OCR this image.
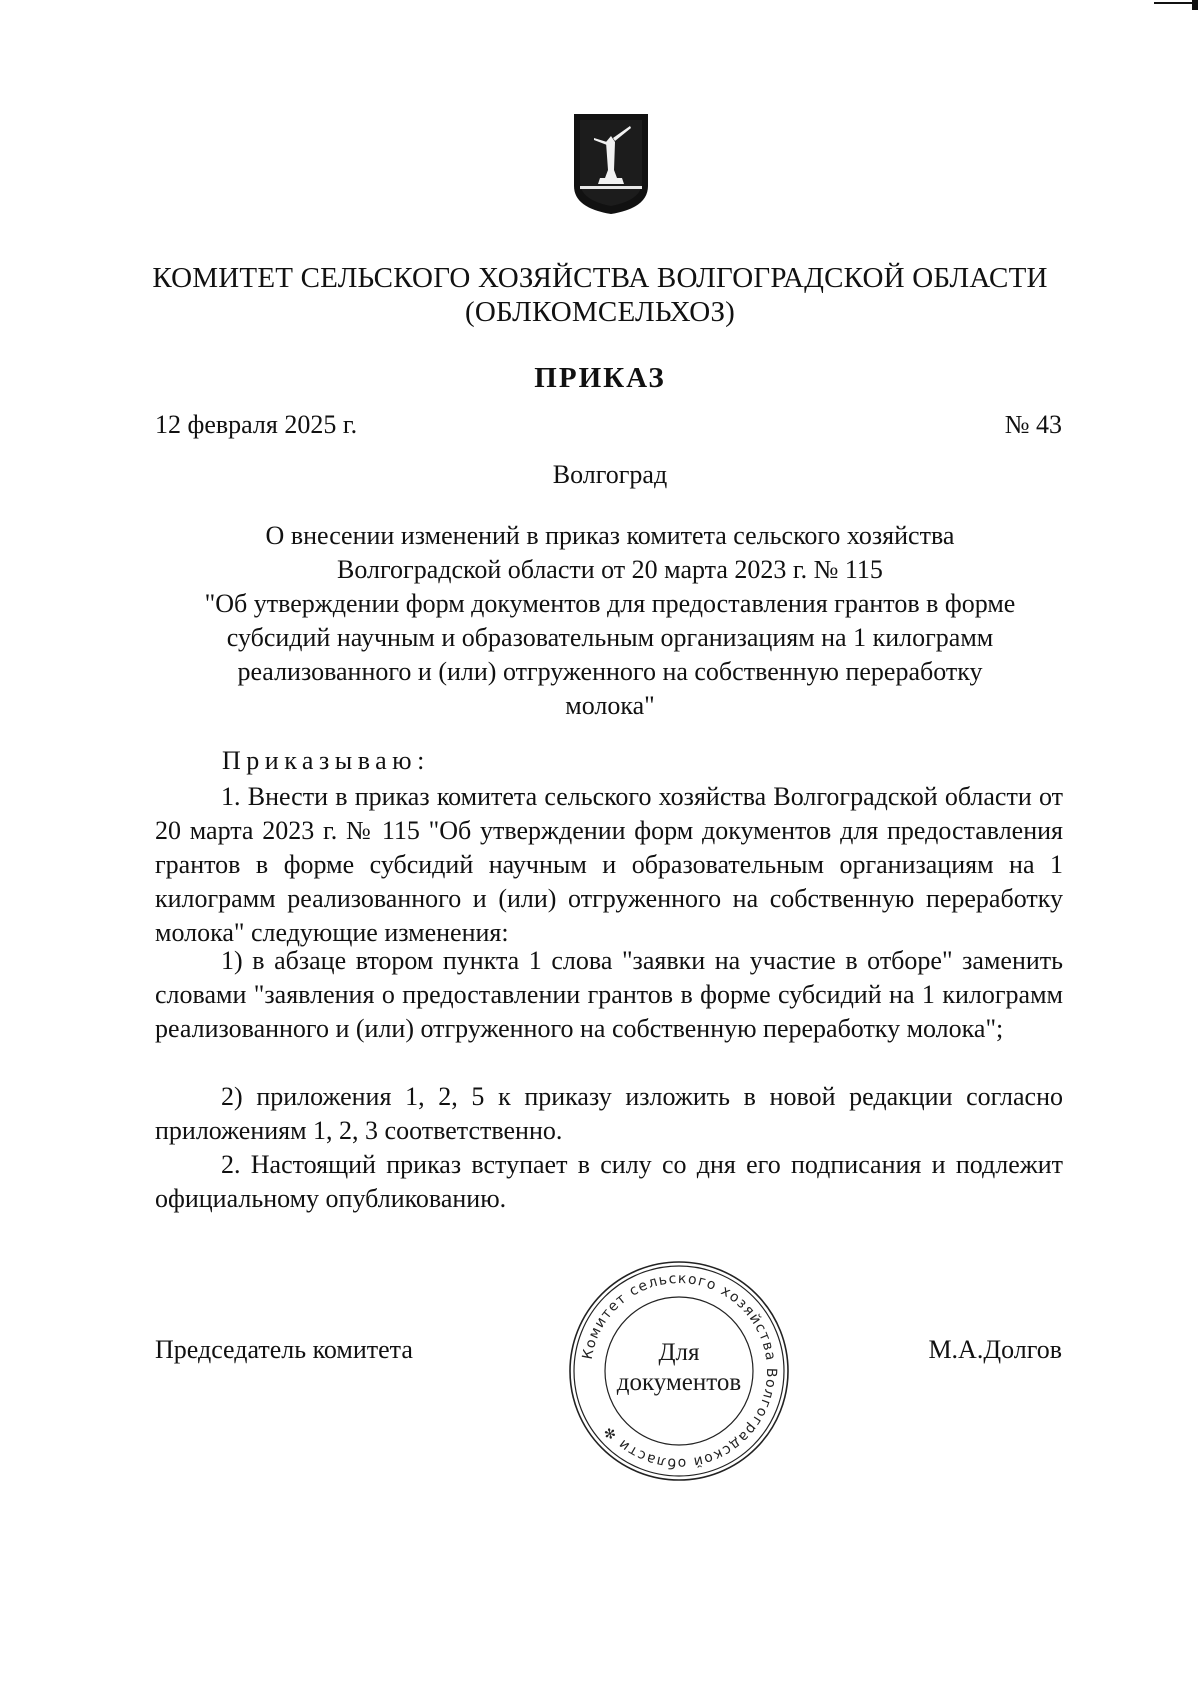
КОМИТЕТ СЕЛЬСКОГО ХОЗЯЙСТВА ВОЛГОГРАДСКОЙ ОБЛАСТИ
(ОБЛКОМСЕЛЬХОЗ)
ПРИКАЗ
12 февраля 2025 г.	№ 43
Волгоград
О внесении изменений в приказ комитета сельского хозяйства
Волгоградской области от 20 марта 2023 г. № 115
"Об утверждении форм документов для предоставления грантов в форме
субсидий научным и образовательным организациям на 1 килограмм
реализованного и (или) отгруженного на собственную переработку
молока"
Приказываю:
1. Внести в приказ комитета сельского хозяйства Волгоградской области от 20 марта 2023 г. № 115 "Об утверждении форм документов для предоставления грантов в форме субсидий научным и образовательным организациям на 1 килограмм реализованного и (или) отгруженного на собственную переработку молока" следующие изменения:
1) в абзаце втором пункта 1 слова "заявки на участие в отборе" заменить словами "заявления о предоставлении грантов в форме субсидий на 1 килограмм реализованного и (или) отгруженного на собственную переработку молока";
2) приложения 1, 2, 5 к приказу изложить в новой редакции согласно приложениям 1, 2, 3 соответственно.
2. Настоящий приказ вступает в силу со дня его подписания и подлежит официальному опубликованию.
Председатель комитета	М.А.Долгов
Комитет сельского хозяйства Волгоградской области ✻
Для
документов
